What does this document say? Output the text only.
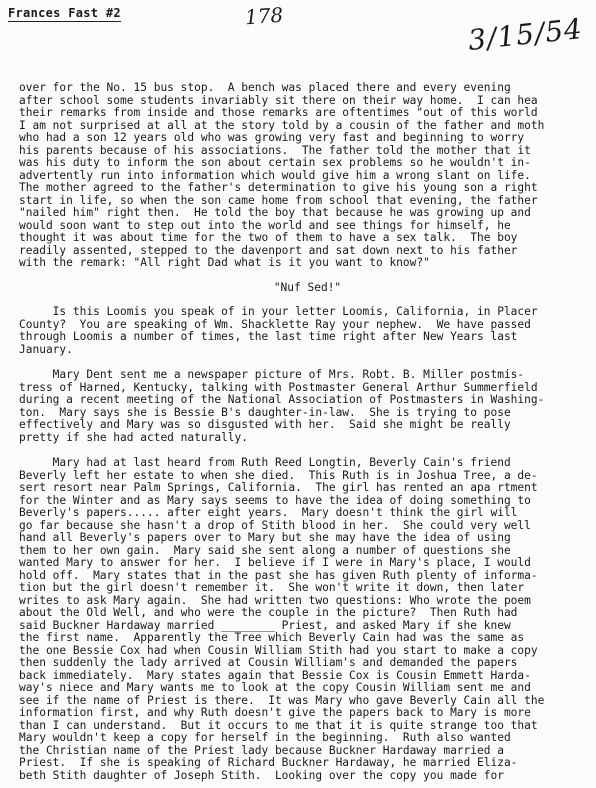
Frances Fast #2	178	3/15/54

over for the No. 15 bus stop.  A bench was placed there and every evening
after school some students invariably sit there on their way home.  I can hea
their remarks from inside and those remarks are oftentimes "out of this world
I am not surprised at all at the story told by a cousin of the father and moth
who had a son 12 years old who was growing very fast and beginning to worry
his parents because of his associations.  The father told the mother that it
was his duty to inform the son about certain sex problems so he wouldn't in-
advertently run into information which would give him a wrong slant on life.
The mother agreed to the father's determination to give his young son a right
start in life, so when the son came home from school that evening, the father
"nailed him" right then.  He told the boy that because he was growing up and
would soon want to step out into the world and see things for himself, he
thought it was about time for the two of them to have a sex talk.  The boy
readily assented, stepped to the davenport and sat down next to his father
with the remark: "All right Dad what is it you want to know?"

"Nuf Sed!"

Is this Loomis you speak of in your letter Loomis, California, in Placer
County?  You are speaking of Wm. Shacklette Ray your nephew.  We have passed
through Loomis a number of times, the last time right after New Years last
January.

Mary Dent sent me a newspaper picture of Mrs. Robt. B. Miller postmis-
tress of Harned, Kentucky, talking with Postmaster General Arthur Summerfield
during a recent meeting of the National Association of Postmasters in Washing-
ton.  Mary says she is Bessie B's daughter-in-law.  She is trying to pose
effectively and Mary was so disgusted with her.  Said she might be really
pretty if she had acted naturally.

Mary had at last heard from Ruth Reed Longtin, Beverly Cain's friend
Beverly left her estate to when she died.  This Ruth is in Joshua Tree, a de-
sert resort near Palm Springs, California.  The girl has rented an apa rtment
for the Winter and as Mary says seems to have the idea of doing something to
Beverly's papers..... after eight years.  Mary doesn't think the girl will
go far because she hasn't a drop of Stith blood in her.  She could very well
hand all Beverly's papers over to Mary but she may have the idea of using
them to her own gain.  Mary said she sent along a number of questions she
wanted Mary to answer for her.  I believe if I were in Mary's place, I would
hold off.  Mary states that in the past she has given Ruth plenty of informa-
tion but the girl doesn't remember it.  She won't write it down, then later
writes to ask Mary again.  She had written two questions: Who wrote the poem
about the Old Well, and who were the couple in the picture?  Then Ruth had
said Buckner Hardaway married ________ Priest, and asked Mary if she knew
the first name.  Apparently the Tree which Beverly Cain had was the same as
the one Bessie Cox had when Cousin William Stith had you start to make a copy
then suddenly the lady arrived at Cousin William's and demanded the papers
back immediately.  Mary states again that Bessie Cox is Cousin Emmett Harda-
way's niece and Mary wants me to look at the copy Cousin William sent me and
see if the name of Priest is there.  It was Mary who gave Beverly Cain all the
information first, and why Ruth doesn't give the papers back to Mary is more
than I can understand.  But it occurs to me that it is quite strange too that
Mary wouldn't keep a copy for herself in the beginning.  Ruth also wanted
the Christian name of the Priest lady because Buckner Hardaway married a
Priest.  If she is speaking of Richard Buckner Hardaway, he married Eliza-
beth Stith daughter of Joseph Stith.  Looking over the copy you made for
